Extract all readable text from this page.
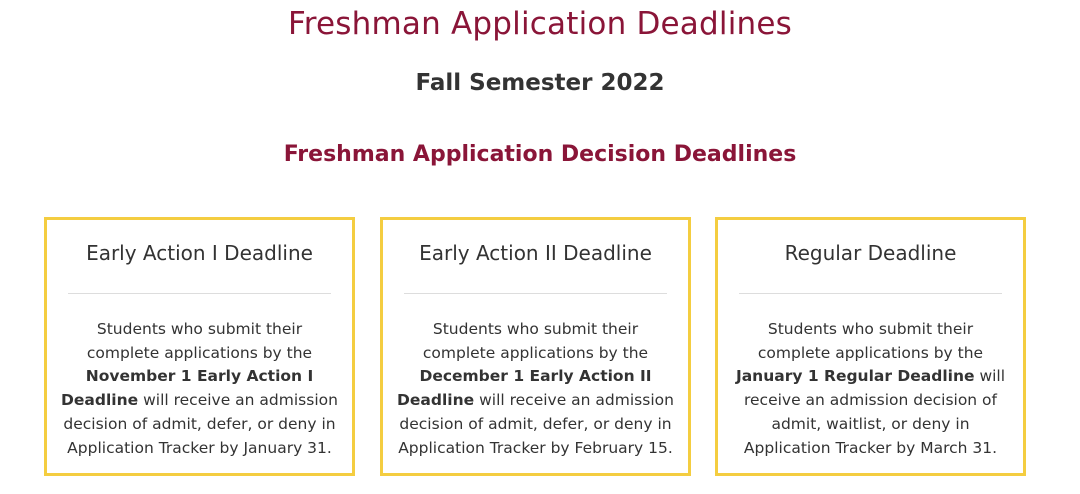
Freshman Application Deadlines
Fall Semester 2022
Freshman Application Decision Deadlines
Early Action I Deadline

Students who submit their complete applications by the November 1 Early Action I Deadline will receive an admission decision of admit, defer, or deny in Application Tracker by January 31.

Early Action II Deadline

Students who submit their complete applications by the December 1 Early Action II Deadline will receive an admission decision of admit, defer, or deny in Application Tracker by February 15.

Regular Deadline

Students who submit their complete applications by the January 1 Regular Deadline will receive an admission decision of admit, waitlist, or deny in Application Tracker by March 31.
